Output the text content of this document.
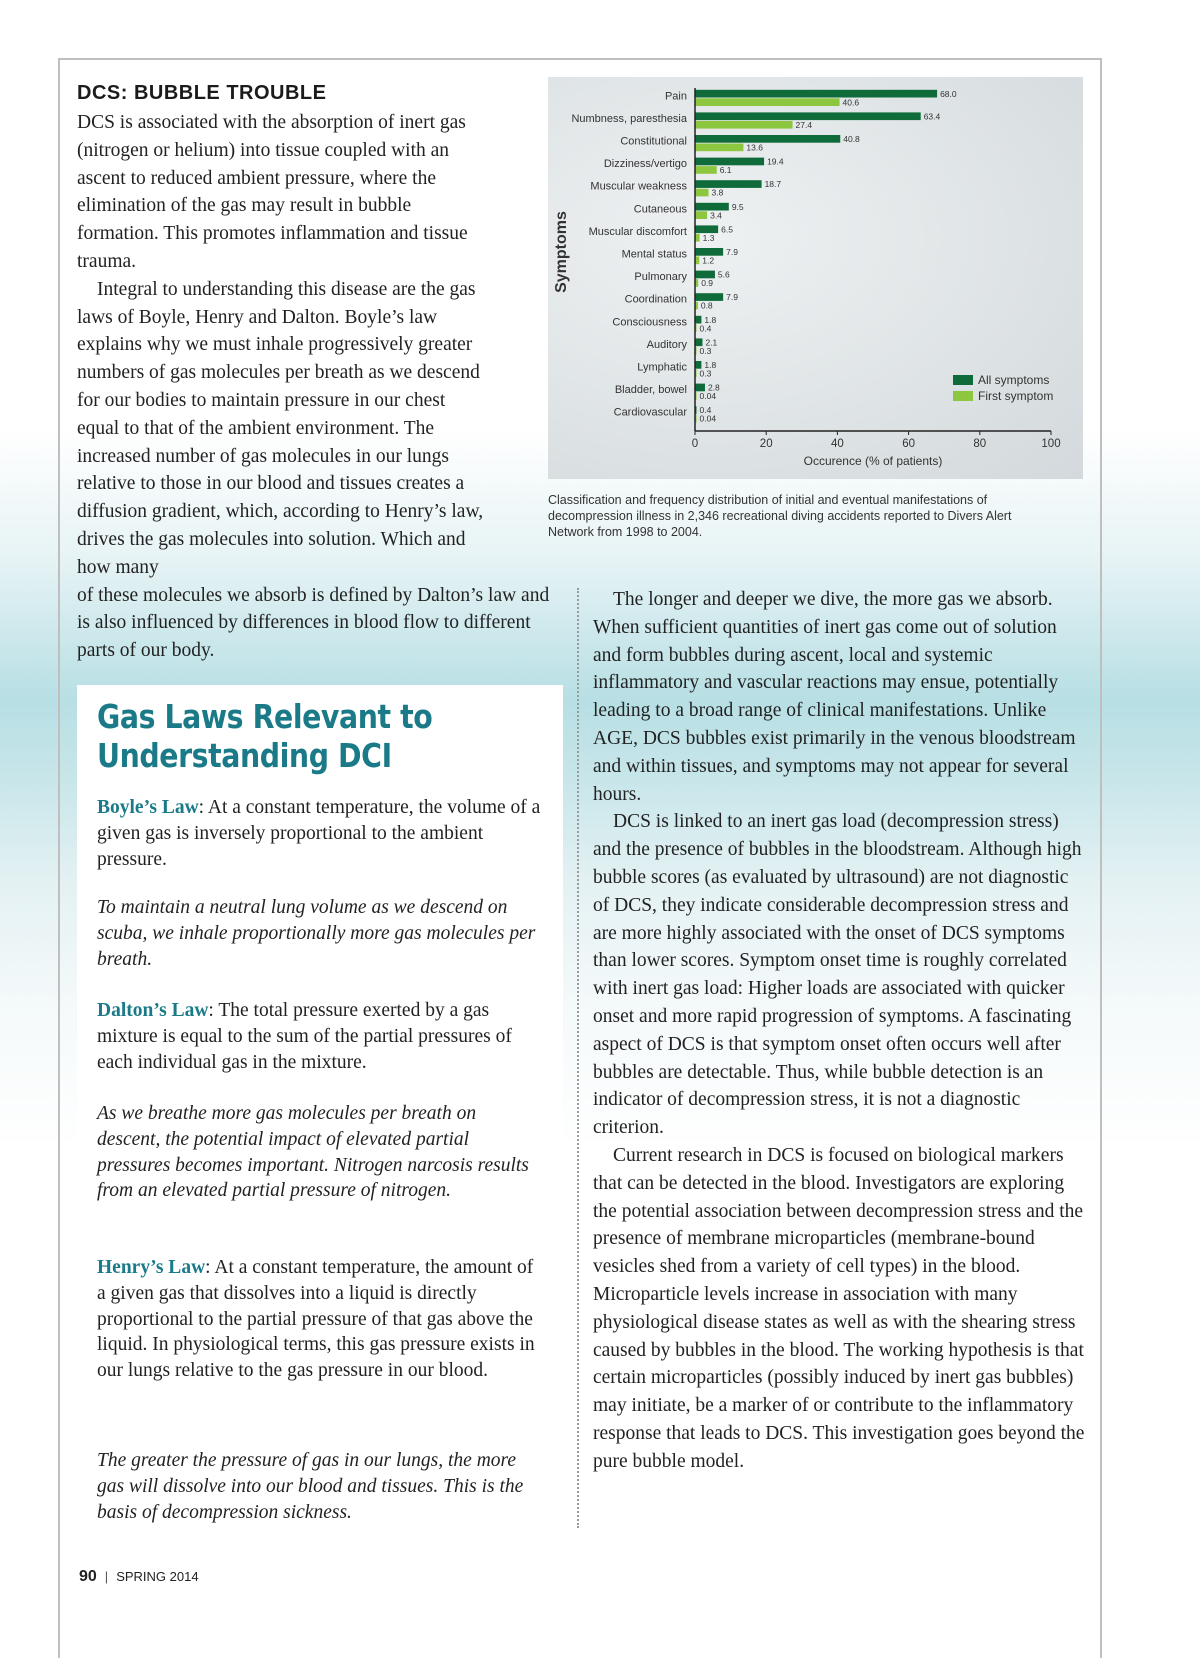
DCS: BUBBLE TROUBLE

DCS is associated with the absorption of inert gas (nitrogen or helium) into tissue coupled with an ascent to reduced ambient pressure, where the elimination of the gas may result in bubble formation. This promotes inflammation and tissue trauma.

Integral to understanding this disease are the gas laws of Boyle, Henry and Dalton. Boyle’s law explains why we must inhale progressively greater numbers of gas molecules per breath as we descend for our bodies to maintain pressure in our chest equal to that of the ambient environment. The increased number of gas molecules in our lungs relative to those in our blood and tissues creates a diffusion gradient, which, according to Henry’s law, drives the gas molecules into solution. Which and how many

of these molecules we absorb is defined by Dalton’s law and is also influenced by differences in blood flow to different parts of our body.

Pain	68.0
40.6
Numbness, paresthesia	63.4
27.4
Constitutional	40.8
13.6
Dizziness/vertigo	19.4
6.1
Muscular weakness	18.7
3.8
Cutaneous	9.5
3.4
Muscular discomfort	6.5
1.3
Mental status	7.9
1.2
Pulmonary	5.6
0.9
Coordination	7.9
0.8
Consciousness 1.8
0.4
Auditory 2.1
0.3
Lymphatic 1.8
0.3
Bladder, bowel 2.8
0.04
Cardiovascular 0.4
0.04
0	20	40	60	80	100
Occurence (% of patients)
Symptoms
All symptoms
First symptom
Classification and frequency distribution of initial and eventual manifestations of decompression illness in 2,346 recreational diving accidents reported to Divers Alert Network from 1998 to 2004.
Gas Laws Relevant to Understanding DCI

Boyle’s Law: At a constant temperature, the volume of a given gas is inversely proportional to the ambient pressure.

To maintain a neutral lung volume as we descend on scuba, we inhale proportionally more gas molecules per breath.

Dalton’s Law: The total pressure exerted by a gas mixture is equal to the sum of the partial pressures of each individual gas in the mixture.

As we breathe more gas molecules per breath on descent, the potential impact of elevated partial pressures becomes important. Nitrogen narcosis results from an elevated partial pressure of nitrogen.

Henry’s Law: At a constant temperature, the amount of a given gas that dissolves into a liquid is directly proportional to the partial pressure of that gas above the liquid. In physiological terms, this gas pressure exists in our lungs relative to the gas pressure in our blood.

The greater the pressure of gas in our lungs, the more gas will dissolve into our blood and tissues. This is the basis of decompression sickness.

The longer and deeper we dive, the more gas we absorb. When sufficient quantities of inert gas come out of solution and form bubbles during ascent, local and systemic inflammatory and vascular reactions may ensue, potentially leading to a broad range of clinical manifestations. Unlike AGE, DCS bubbles exist primarily in the venous bloodstream and within tissues, and symptoms may not appear for several hours.

DCS is linked to an inert gas load (decompression stress) and the presence of bubbles in the bloodstream. Although high bubble scores (as evaluated by ultrasound) are not diagnostic of DCS, they indicate considerable decompression stress and are more highly associated with the onset of DCS symptoms than lower scores. Symptom onset time is roughly correlated with inert gas load: Higher loads are associated with quicker onset and more rapid progression of symptoms. A fascinating aspect of DCS is that symptom onset often occurs well after bubbles are detectable. Thus, while bubble detection is an indicator of decompression stress, it is not a diagnostic criterion.

Current research in DCS is focused on biological markers that can be detected in the blood. Investigators are exploring the potential association between decompression stress and the presence of membrane microparticles (membrane-bound vesicles shed from a variety of cell types) in the blood. Microparticle levels increase in association with many physiological disease states as well as with the shearing stress caused by bubbles in the blood. The working hypothesis is that certain microparticles (possibly induced by inert gas bubbles) may initiate, be a marker of or contribute to the inflammatory response that leads to DCS. This investigation goes beyond the pure bubble model.

90 | SPRING 2014
